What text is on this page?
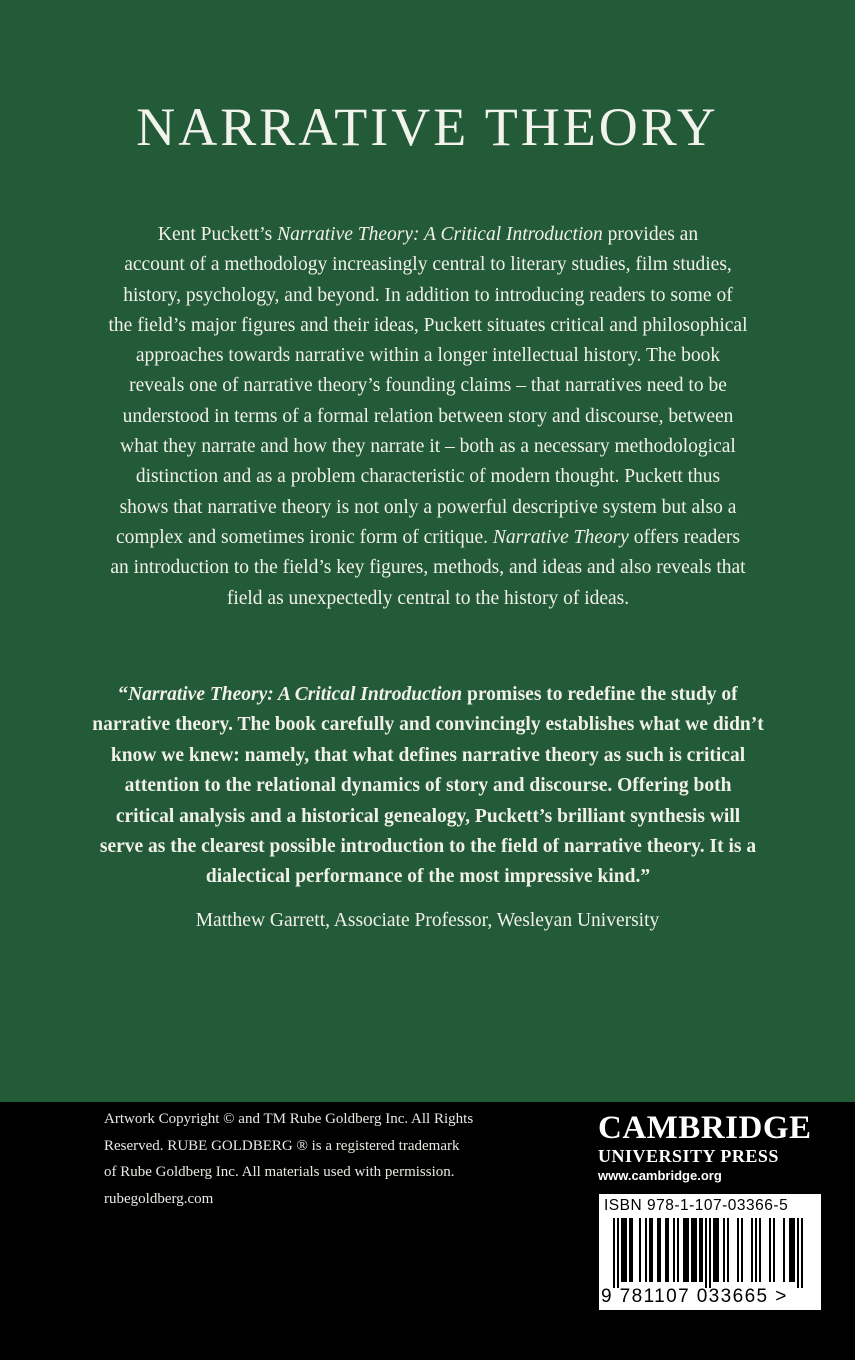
NARRATIVE THEORY
Kent Puckett’s Narrative Theory: A Critical Introduction provides an
account of a methodology increasingly central to literary studies, film studies,
history, psychology, and beyond. In addition to introducing readers to some of
the field’s major figures and their ideas, Puckett situates critical and philosophical
approaches towards narrative within a longer intellectual history. The book
reveals one of narrative theory’s founding claims – that narratives need to be
understood in terms of a formal relation between story and discourse, between
what they narrate and how they narrate it – both as a necessary methodological
distinction and as a problem characteristic of modern thought. Puckett thus
shows that narrative theory is not only a powerful descriptive system but also a
complex and sometimes ironic form of critique. Narrative Theory offers readers
an introduction to the field’s key figures, methods, and ideas and also reveals that
field as unexpectedly central to the history of ideas.
“Narrative Theory: A Critical Introduction promises to redefine the study of
narrative theory. The book carefully and convincingly establishes what we didn’t
know we knew: namely, that what defines narrative theory as such is critical
attention to the relational dynamics of story and discourse. Offering both
critical analysis and a historical genealogy, Puckett’s brilliant synthesis will
serve as the clearest possible introduction to the field of narrative theory. It is a
dialectical performance of the most impressive kind.”

Matthew Garrett, Associate Professor, Wesleyan University

Artwork Copyright © and TM Rube Goldberg Inc. All Rights
Reserved. RUBE GOLDBERG ® is a registered trademark
of Rube Goldberg Inc. All materials used with permission.
rubegoldberg.com
CAMBRIDGE
UNIVERSITY PRESS
www.cambridge.org
ISBN 978-1-107-03366-5
9 781107 033665 >
